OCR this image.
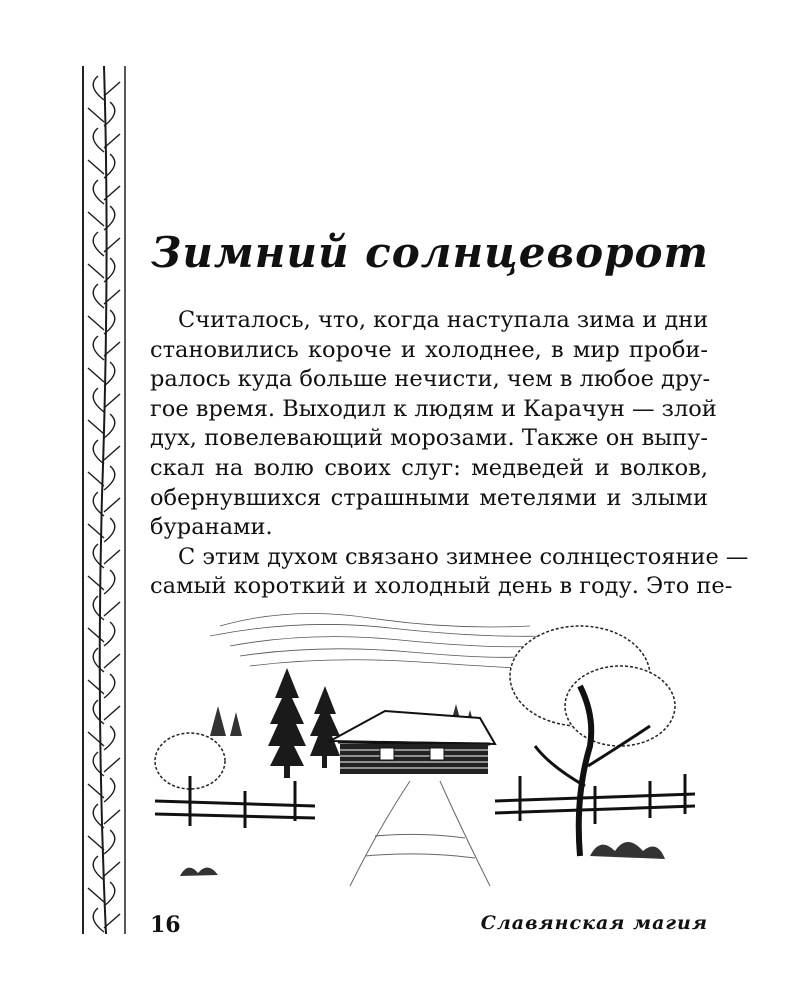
Зимний солнцеворот
Считалось, что, когда наступала зима и дни
становились короче и холоднее, в мир проби-
ралось куда больше нечисти, чем в любое дру-
гое время. Выходил к людям и Карачун — злой
дух, повелевающий морозами. Также он выпу-
скал на волю своих слуг: медведей и волков,
обернувшихся страшными метелями и злыми
буранами.
С этим духом связано зимнее солнцестояние —
самый короткий и холодный день в году. Это пе-
16	Славянская магия
